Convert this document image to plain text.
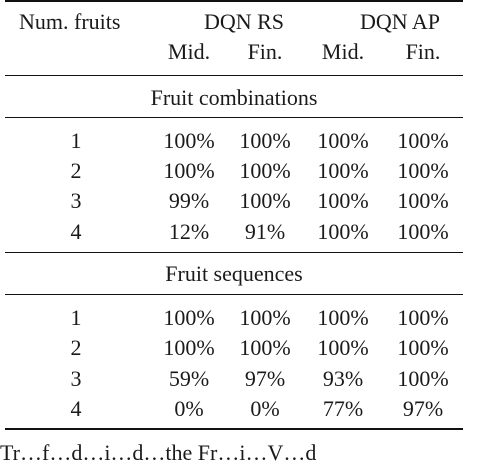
Num. fruits	DQN RS	DQN AP
Mid.	Fin.	Mid.	Fin.
Fruit combinations
1	100% 100% 100% 100%
2	100% 100% 100% 100%
3	99%	100% 100% 100%
4	12%	91%	100% 100%
Fruit sequences
1	100% 100% 100% 100%
2	100% 100% 100% 100%
3	59%	97%	93%	100%
4	0%	0%	77%	97%
Tr…f…d…i…d…the Fr…i…V…d
